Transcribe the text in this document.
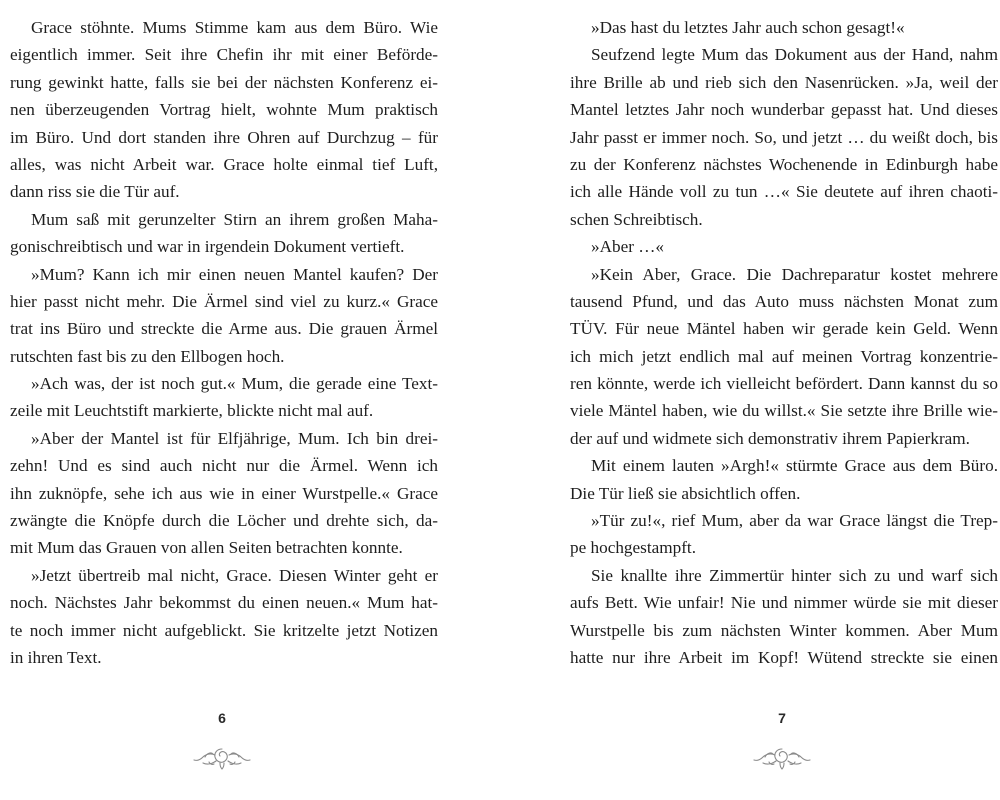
Grace stöhnte. Mums Stimme kam aus dem Büro. Wie
eigentlich immer. Seit ihre Chefin ihr mit einer Beförde-
rung gewinkt hatte, falls sie bei der nächsten Konferenz ei-
nen überzeugenden Vortrag hielt, wohnte Mum praktisch
im Büro. Und dort standen ihre Ohren auf Durchzug – für
alles, was nicht Arbeit war. Grace holte einmal tief Luft,
dann riss sie die Tür auf.
Mum saß mit gerunzelter Stirn an ihrem großen Maha-
gonischreibtisch und war in irgendein Dokument vertieft.
»Mum? Kann ich mir einen neuen Mantel kaufen? Der
hier passt nicht mehr. Die Ärmel sind viel zu kurz.« Grace
trat ins Büro und streckte die Arme aus. Die grauen Ärmel
rutschten fast bis zu den Ellbogen hoch.
»Ach was, der ist noch gut.« Mum, die gerade eine Text-
zeile mit Leuchtstift markierte, blickte nicht mal auf.
»Aber der Mantel ist für Elfjährige, Mum. Ich bin drei-
zehn! Und es sind auch nicht nur die Ärmel. Wenn ich
ihn zuknöpfe, sehe ich aus wie in einer Wurstpelle.« Grace
zwängte die Knöpfe durch die Löcher und drehte sich, da-
mit Mum das Grauen von allen Seiten betrachten konnte.
»Jetzt übertreib mal nicht, Grace. Diesen Winter geht er
noch. Nächstes Jahr bekommst du einen neuen.« Mum hat-
te noch immer nicht aufgeblickt. Sie kritzelte jetzt Notizen
in ihren Text.
»Das hast du letztes Jahr auch schon gesagt!«
Seufzend legte Mum das Dokument aus der Hand, nahm
ihre Brille ab und rieb sich den Nasenrücken. »Ja, weil der
Mantel letztes Jahr noch wunderbar gepasst hat. Und dieses
Jahr passt er immer noch. So, und jetzt … du weißt doch, bis
zu der Konferenz nächstes Wochenende in Edinburgh habe
ich alle Hände voll zu tun …« Sie deutete auf ihren chaoti-
schen Schreibtisch.
»Aber …«
»Kein Aber, Grace. Die Dachreparatur kostet mehrere
tausend Pfund, und das Auto muss nächsten Monat zum
TÜV. Für neue Mäntel haben wir gerade kein Geld. Wenn
ich mich jetzt endlich mal auf meinen Vortrag konzentrie-
ren könnte, werde ich vielleicht befördert. Dann kannst du so
viele Mäntel haben, wie du willst.« Sie setzte ihre Brille wie-
der auf und widmete sich demonstrativ ihrem Papierkram.
Mit einem lauten »Argh!« stürmte Grace aus dem Büro.
Die Tür ließ sie absichtlich offen.
»Tür zu!«, rief Mum, aber da war Grace längst die Trep-
pe hochgestampft.
Sie knallte ihre Zimmertür hinter sich zu und warf sich
aufs Bett. Wie unfair! Nie und nimmer würde sie mit dieser
Wurstpelle bis zum nächsten Winter kommen. Aber Mum
hatte nur ihre Arbeit im Kopf! Wütend streckte sie einen
6	7
